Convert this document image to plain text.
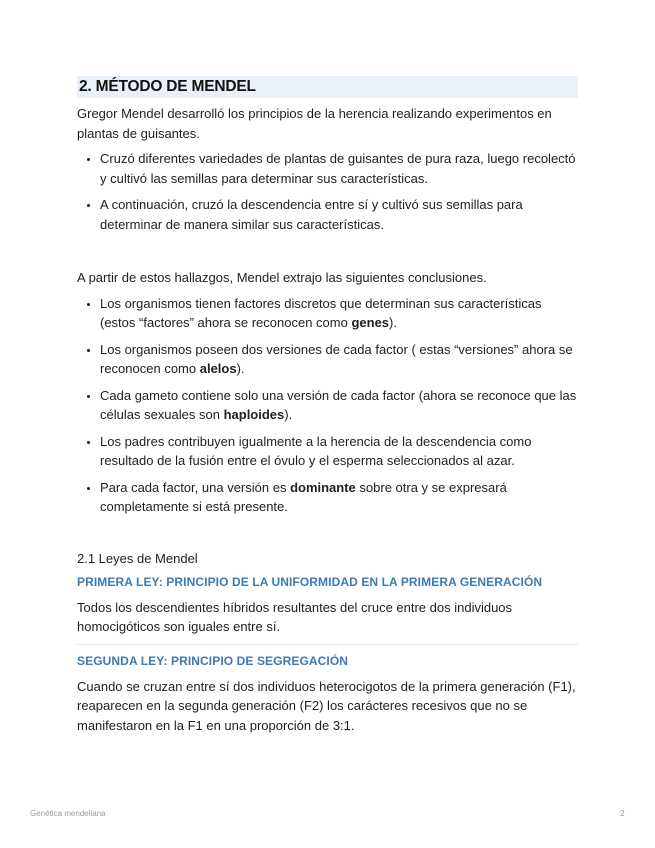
2. MÉTODO DE MENDEL

Gregor Mendel desarrolló los principios de la herencia realizando experimentos en plantas de guisantes.

• Cruzó diferentes variedades de plantas de guisantes de pura raza, luego recolectó y cultivó las semillas para determinar sus características.
• A continuación, cruzó la descendencia entre sí y cultivó sus semillas para determinar de manera similar sus características.

A partir de estos hallazgos, Mendel extrajo las siguientes conclusiones.

• Los organismos tienen factores discretos que determinan sus características (estos “factores” ahora se reconocen como genes).
• Los organismos poseen dos versiones de cada factor ( estas “versiones” ahora se reconocen como alelos).
• Cada gameto contiene solo una versión de cada factor (ahora se reconoce que las células sexuales son haploides).
• Los padres contribuyen igualmente a la herencia de la descendencia como resultado de la fusión entre el óvulo y el esperma seleccionados al azar.
• Para cada factor, una versión es dominante sobre otra y se expresará completamente si está presente.
2.1 Leyes de Mendel
PRIMERA LEY: PRINCIPIO DE LA UNIFORMIDAD EN LA PRIMERA GENERACIÓN

Todos los descendientes híbridos resultantes del cruce entre dos individuos homocigóticos son iguales entre sí.

SEGUNDA LEY: PRINCIPIO DE SEGREGACIÓN

Cuando se cruzan entre sí dos individuos heterocigotos de la primera generación (F1), reaparecen en la segunda generación (F2) los carácteres recesivos que no se manifestaron en la F1 en una proporción de 3:1.

Genética mendeliana	2
